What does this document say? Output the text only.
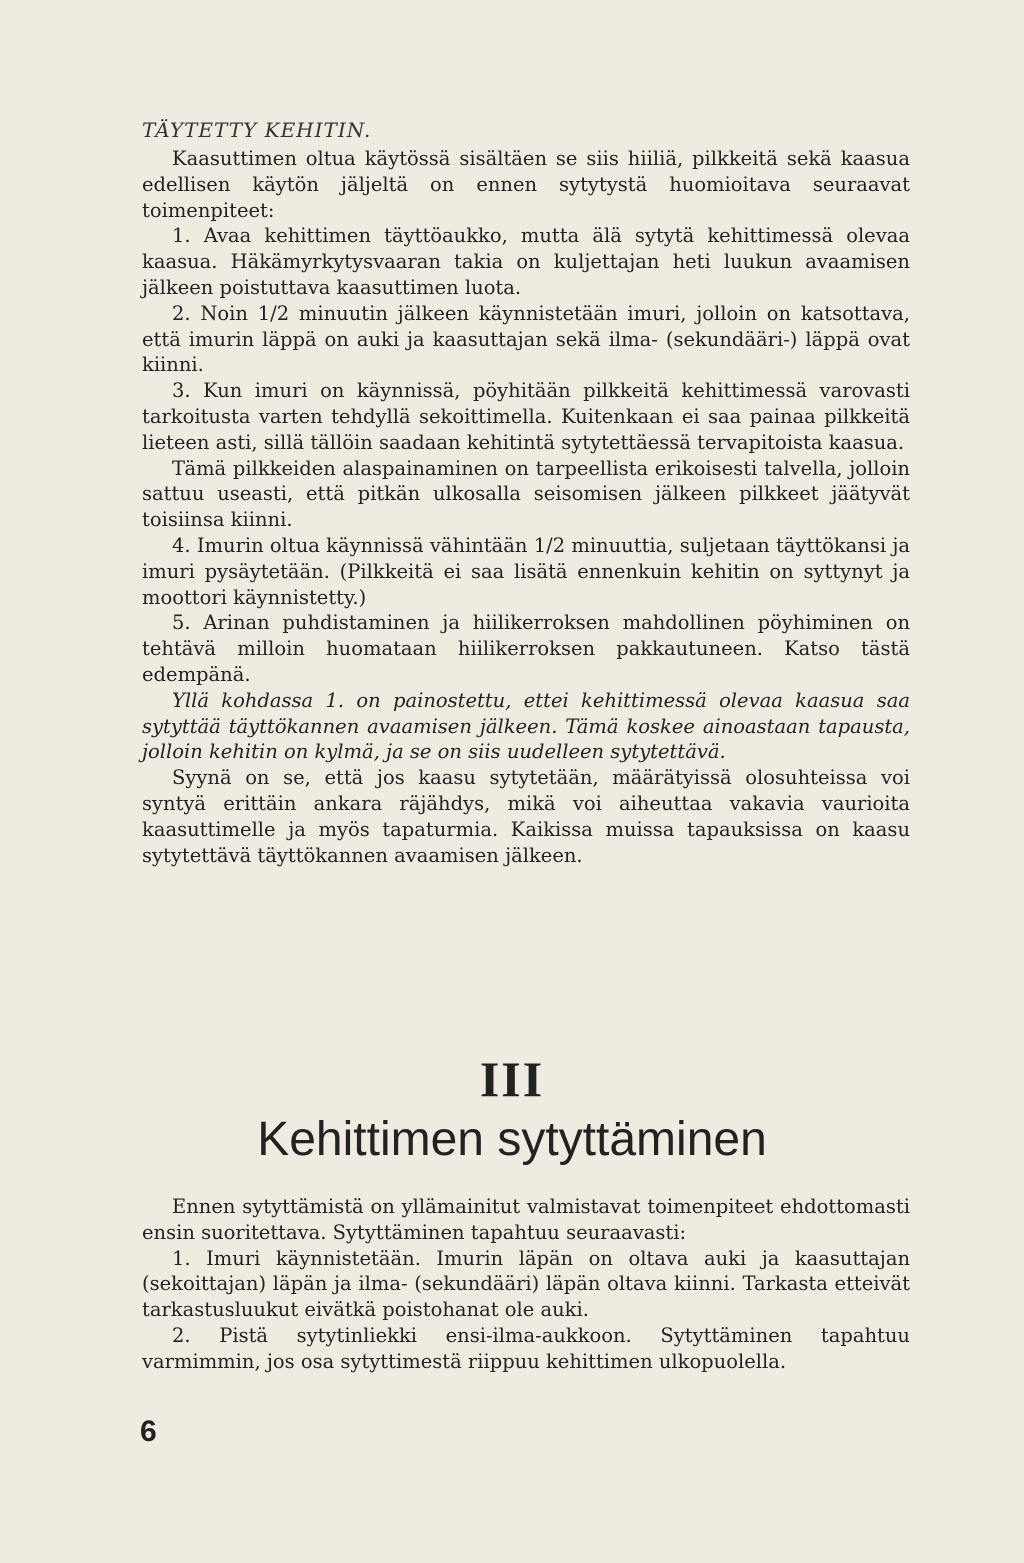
TÄYTETTY KEHITIN.

Kaasuttimen oltua käytössä sisältäen se siis hiiliä, pilkkeitä sekä kaasua edellisen käytön jäljeltä on ennen sytytystä huomioitava seuraavat toimenpiteet:

1. Avaa kehittimen täyttöaukko, mutta älä sytytä kehittimessä olevaa kaasua. Häkämyrkytysvaaran takia on kuljettajan heti luukun avaamisen jälkeen poistuttava kaasuttimen luota.

2. Noin 1/2 minuutin jälkeen käynnistetään imuri, jolloin on katsottava, että imurin läppä on auki ja kaasuttajan sekä ilma- (sekundääri-) läppä ovat kiinni.

3. Kun imuri on käynnissä, pöyhitään pilkkeitä kehittimessä varovasti tarkoitusta varten tehdyllä sekoittimella. Kuitenkaan ei saa painaa pilkkeitä lieteen asti, sillä tällöin saadaan kehitintä sytytettäessä tervapitoista kaasua.

Tämä pilkkeiden alaspainaminen on tarpeellista erikoisesti talvella, jolloin sattuu useasti, että pitkän ulkosalla seisomisen jälkeen pilkkeet jäätyvät toisiinsa kiinni.

4. Imurin oltua käynnissä vähintään 1/2 minuuttia, suljetaan täyttökansi ja imuri pysäytetään. (Pilkkeitä ei saa lisätä ennenkuin kehitin on syttynyt ja moottori käynnistetty.)

5. Arinan puhdistaminen ja hiilikerroksen mahdollinen pöyhiminen on tehtävä milloin huomataan hiilikerroksen pakkautuneen. Katso tästä edempänä.

Yllä kohdassa 1. on painostettu, ettei kehittimessä olevaa kaasua saa sytyttää täyttökannen avaamisen jälkeen. Tämä koskee ainoastaan tapausta, jolloin kehitin on kylmä, ja se on siis uudelleen sytytettävä.

Syynä on se, että jos kaasu sytytetään, määrätyissä olosuhteissa voi syntyä erittäin ankara räjähdys, mikä voi aiheuttaa vakavia vaurioita kaasuttimelle ja myös tapaturmia. Kaikissa muissa tapauksissa on kaasu sytytettävä täyttökannen avaamisen jälkeen.

III
Kehittimen sytyttäminen

Ennen sytyttämistä on yllämainitut valmistavat toimenpiteet ehdottomasti ensin suoritettava. Sytyttäminen tapahtuu seuraavasti:

1. Imuri käynnistetään. Imurin läpän on oltava auki ja kaasuttajan (sekoittajan) läpän ja ilma- (sekundääri) läpän oltava kiinni. Tarkasta etteivät tarkastusluukut eivätkä poistohanat ole auki.

2. Pistä sytytinliekki ensi-ilma-aukkoon. Sytyttäminen tapahtuu varmimmin, jos osa sytyttimestä riippuu kehittimen ulkopuolella.

6
